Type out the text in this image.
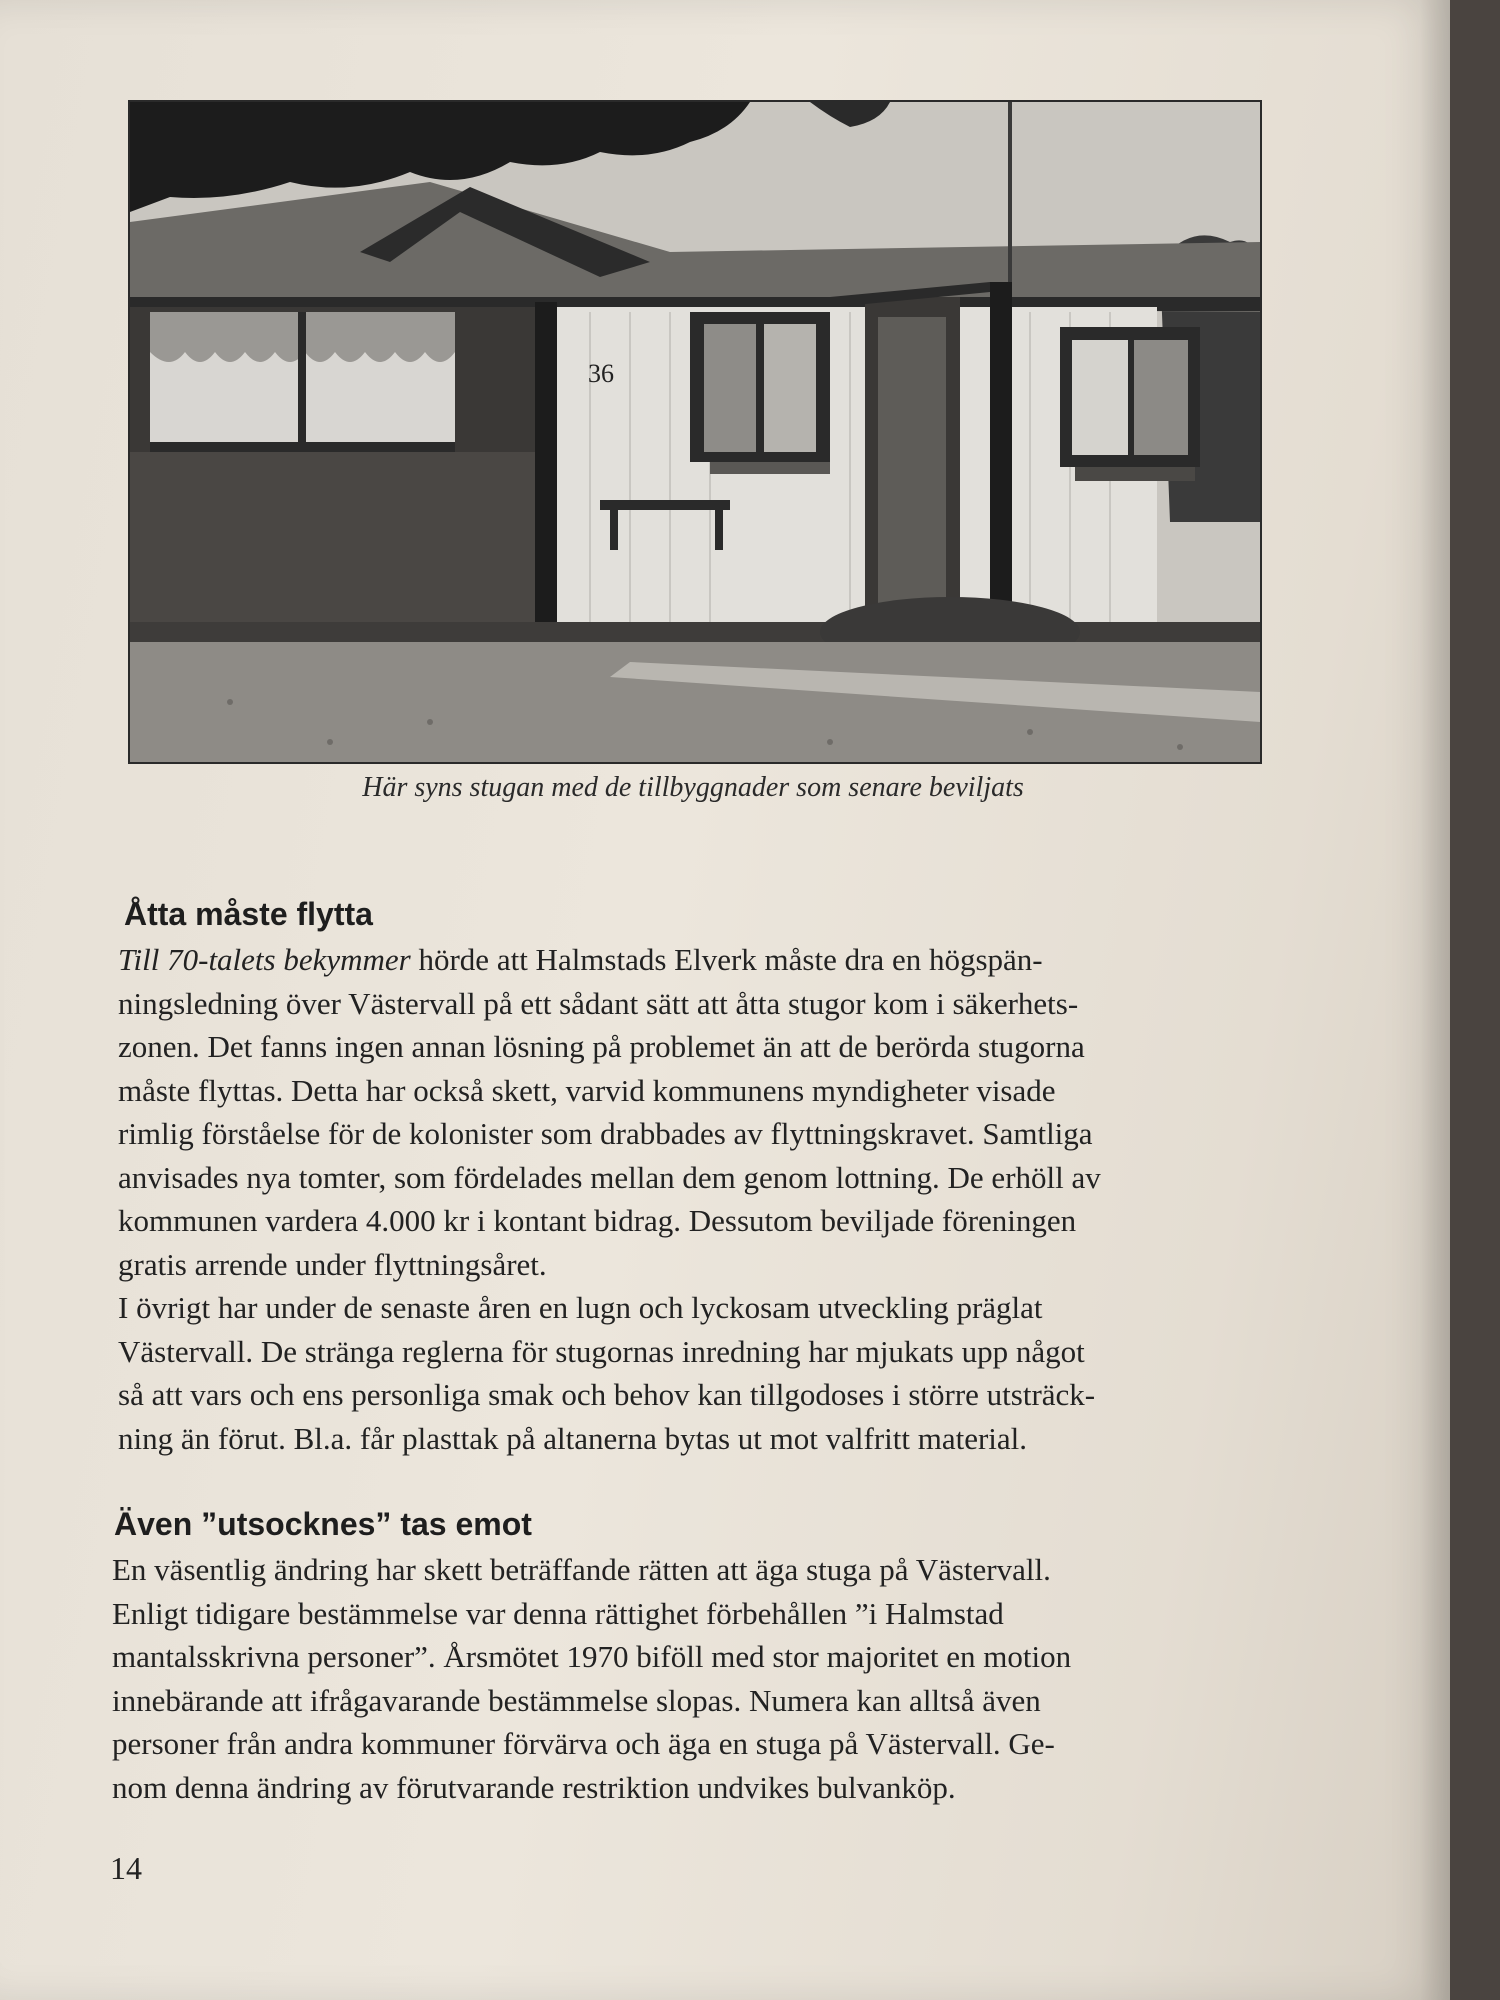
36
Här syns stugan med de tillbyggnader som senare beviljats
Åtta måste flytta
Till 70-talets bekymmer hörde att Halmstads Elverk måste dra en högspän-
ningsledning över Västervall på ett sådant sätt att åtta stugor kom i säkerhets-
zonen. Det fanns ingen annan lösning på problemet än att de berörda stugorna
måste flyttas. Detta har också skett, varvid kommunens myndigheter visade
rimlig förståelse för de kolonister som drabbades av flyttningskravet. Samtliga
anvisades nya tomter, som fördelades mellan dem genom lottning. De erhöll av
kommunen vardera 4.000 kr i kontant bidrag. Dessutom beviljade föreningen
gratis arrende under flyttningsåret.
I övrigt har under de senaste åren en lugn och lyckosam utveckling präglat
Västervall. De stränga reglerna för stugornas inredning har mjukats upp något
så att vars och ens personliga smak och behov kan tillgodoses i större utsträck-
ning än förut. Bl.a. får plasttak på altanerna bytas ut mot valfritt material.
Även ”utsocknes” tas emot
En väsentlig ändring har skett beträffande rätten att äga stuga på Västervall.
Enligt tidigare bestämmelse var denna rättighet förbehållen ”i Halmstad
mantalsskrivna personer”. Årsmötet 1970 biföll med stor majoritet en motion
innebärande att ifrågavarande bestämmelse slopas. Numera kan alltså även
personer från andra kommuner förvärva och äga en stuga på Västervall. Ge-
nom denna ändring av förutvarande restriktion undvikes bulvanköp.
14
